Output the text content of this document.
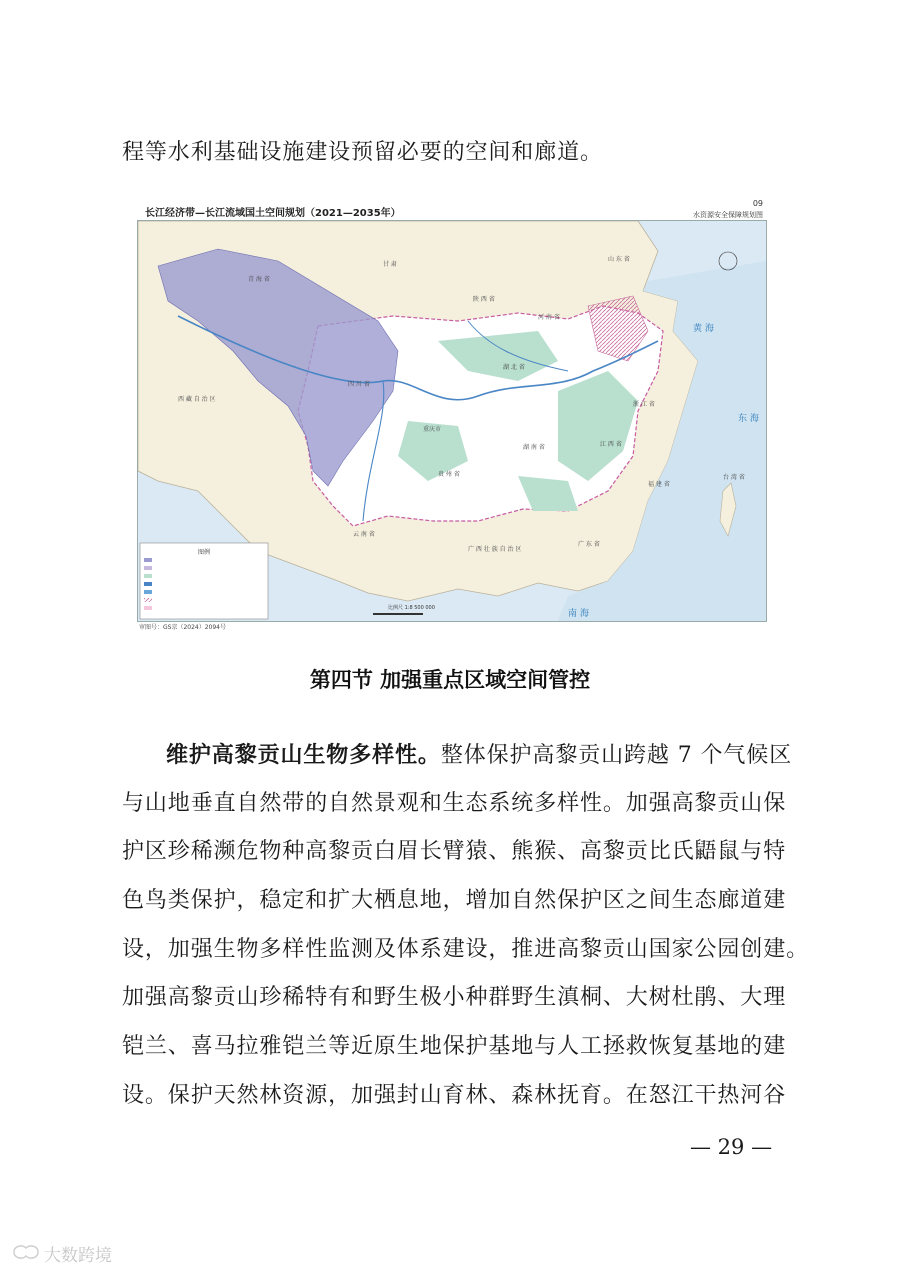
程等水利基础设施建设预留必要的空间和廊道。
长江经济带—长江流域国土空间规划（2021—2035年）
09
水资源安全保障规划图
图例
比例尺 1:8 500 000
黄 海
东 海
南 海
青 海 省
西 藏 自 治 区
四 川 省
云 南 省
贵 州 省
湖 北 省
湖 南 省	江 西 省
浙 江 省
河 南 省
山 东 省
广 东 省
广 西 壮 族 自 治 区
福 建 省
甘 肃
陕 西 省
台 湾 省
重庆市
审图号：GS京（2024）2094号
第四节 加强重点区域空间管控
维护高黎贡山生物多样性。整体保护高黎贡山跨越 7 个气候区
与山地垂直自然带的自然景观和生态系统多样性。加强高黎贡山保
护区珍稀濒危物种高黎贡白眉长臂猿、熊猴、高黎贡比氏鼯鼠与特
色鸟类保护，稳定和扩大栖息地，增加自然保护区之间生态廊道建
设，加强生物多样性监测及体系建设，推进高黎贡山国家公园创建。
加强高黎贡山珍稀特有和野生极小种群野生滇桐、大树杜鹃、大理
铠兰、喜马拉雅铠兰等近原生地保护基地与人工拯救恢复基地的建
设。保护天然林资源，加强封山育林、森林抚育。在怒江干热河谷
— 29 —
大数跨境
